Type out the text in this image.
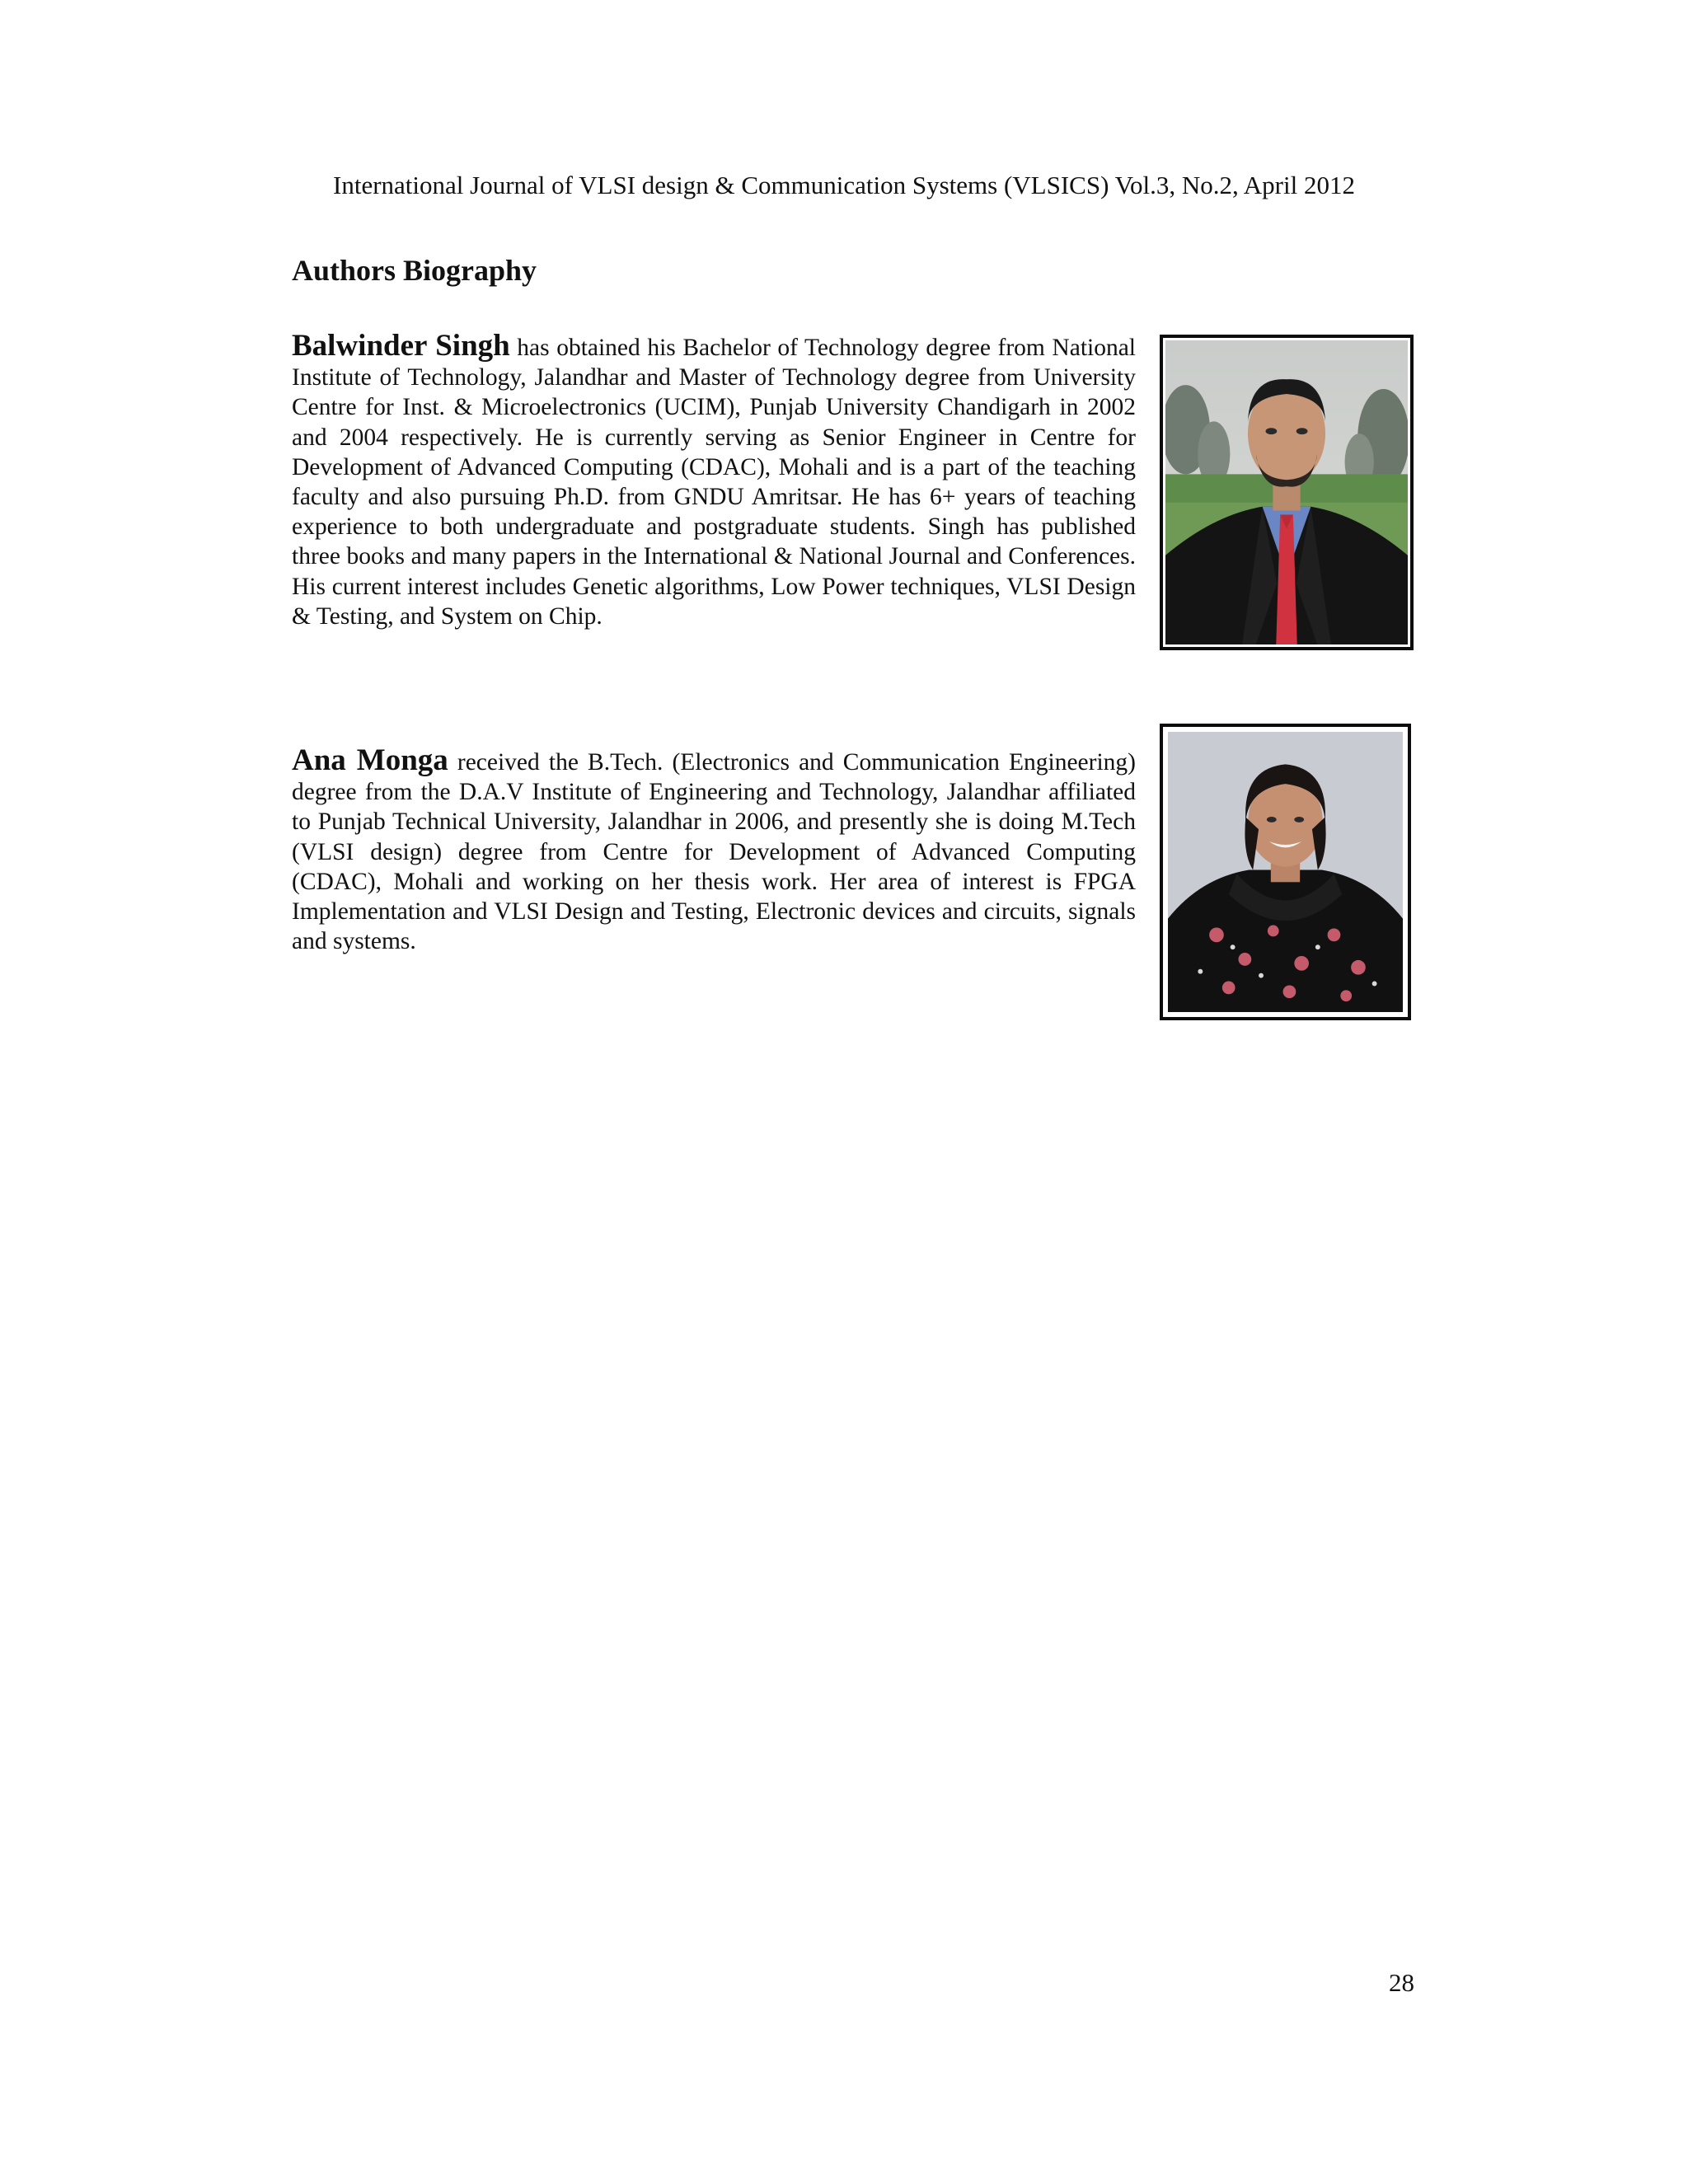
International Journal of VLSI design & Communication Systems (VLSICS) Vol.3, No.2, April 2012
Authors Biography

Balwinder Singh has obtained his Bachelor of Technology degree from National Institute of Technology, Jalandhar and Master of Technology degree from University Centre for Inst. & Microelectronics (UCIM), Punjab University Chandigarh in 2002 and 2004 respectively. He is currently serving as Senior Engineer in Centre for Development of Advanced Computing (CDAC), Mohali and is a part of the teaching faculty and also pursuing Ph.D. from GNDU Amritsar. He has 6+ years of teaching experience to both undergraduate and postgraduate students. Singh has published three books and many papers in the International & National Journal and Conferences. His current interest includes Genetic algorithms, Low Power techniques, VLSI Design & Testing, and System on Chip.

Ana Monga received the B.Tech. (Electronics and Communication Engineering) degree from the D.A.V Institute of Engineering and Technology, Jalandhar affiliated to Punjab Technical University, Jalandhar in 2006, and presently she is doing M.Tech (VLSI design) degree from Centre for Development of Advanced Computing (CDAC), Mohali and working on her thesis work. Her area of interest is FPGA Implementation and VLSI Design and Testing, Electronic devices and circuits, signals and systems.

28
